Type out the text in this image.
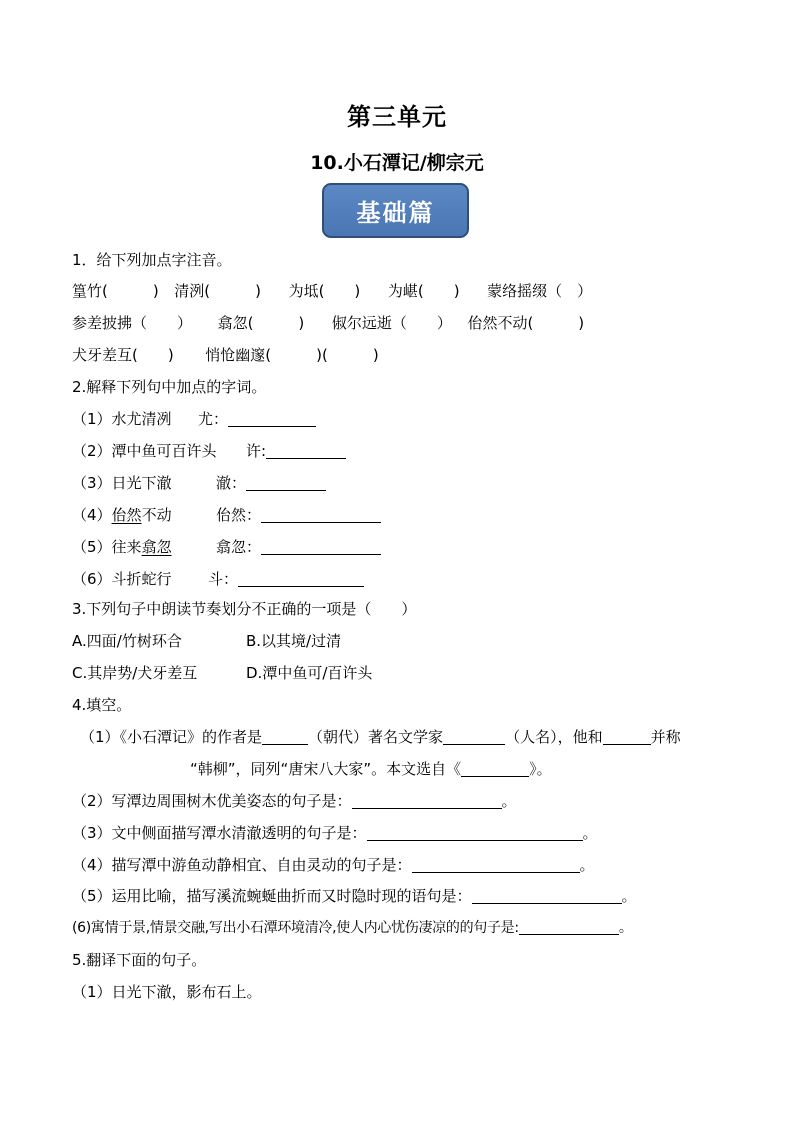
第三单元
10.小石潭记/柳宗元
基础篇
1．给下列加点字注音。
篁竹(　　　) 清洌(　　　) 为坻(　　) 为嵁(　　) 蒙络摇缀（　）
参差披拂（　　） 翕忽(　　　) 俶尔远逝（　　） 佁然不动(　　　)
犬牙差互(　　) 悄怆幽邃(　　　)(　　　)
2.解释下列句中加点的字词。
（1）水尤清冽 尤：
（2）潭中鱼可百许头 许:
（3）日光下澈	澈：
（4）佁然不动	佁然：
（5）往来翕忽	翕忽：
（6）斗折蛇行 斗：
3.下列句子中朗读节奏划分不正确的一项是（　　）
A.四面/竹树环合	B.以其境/过清
C.其岸势/犬牙差互	D.潭中鱼可/百许头
4.填空。
（1）《小石潭记》的作者是	（朝代）著名文学家	（人名），他和	并称
“韩柳”，同列“唐宋八大家”。本文选自《	》。
（2）写潭边周围树木优美姿态的句子是：	。
（3）文中侧面描写潭水清澈透明的句子是：	。
（4）描写潭中游鱼动静相宜、自由灵动的句子是：	。
（5）运用比喻，描写溪流蜿蜒曲折而又时隐时现的语句是：	。
(6)寓情于景,情景交融,写出小石潭环境清冷,使人内心忧伤凄凉的的句子是:	。
5.翻译下面的句子。
（1）日光下澈，影布石上。
